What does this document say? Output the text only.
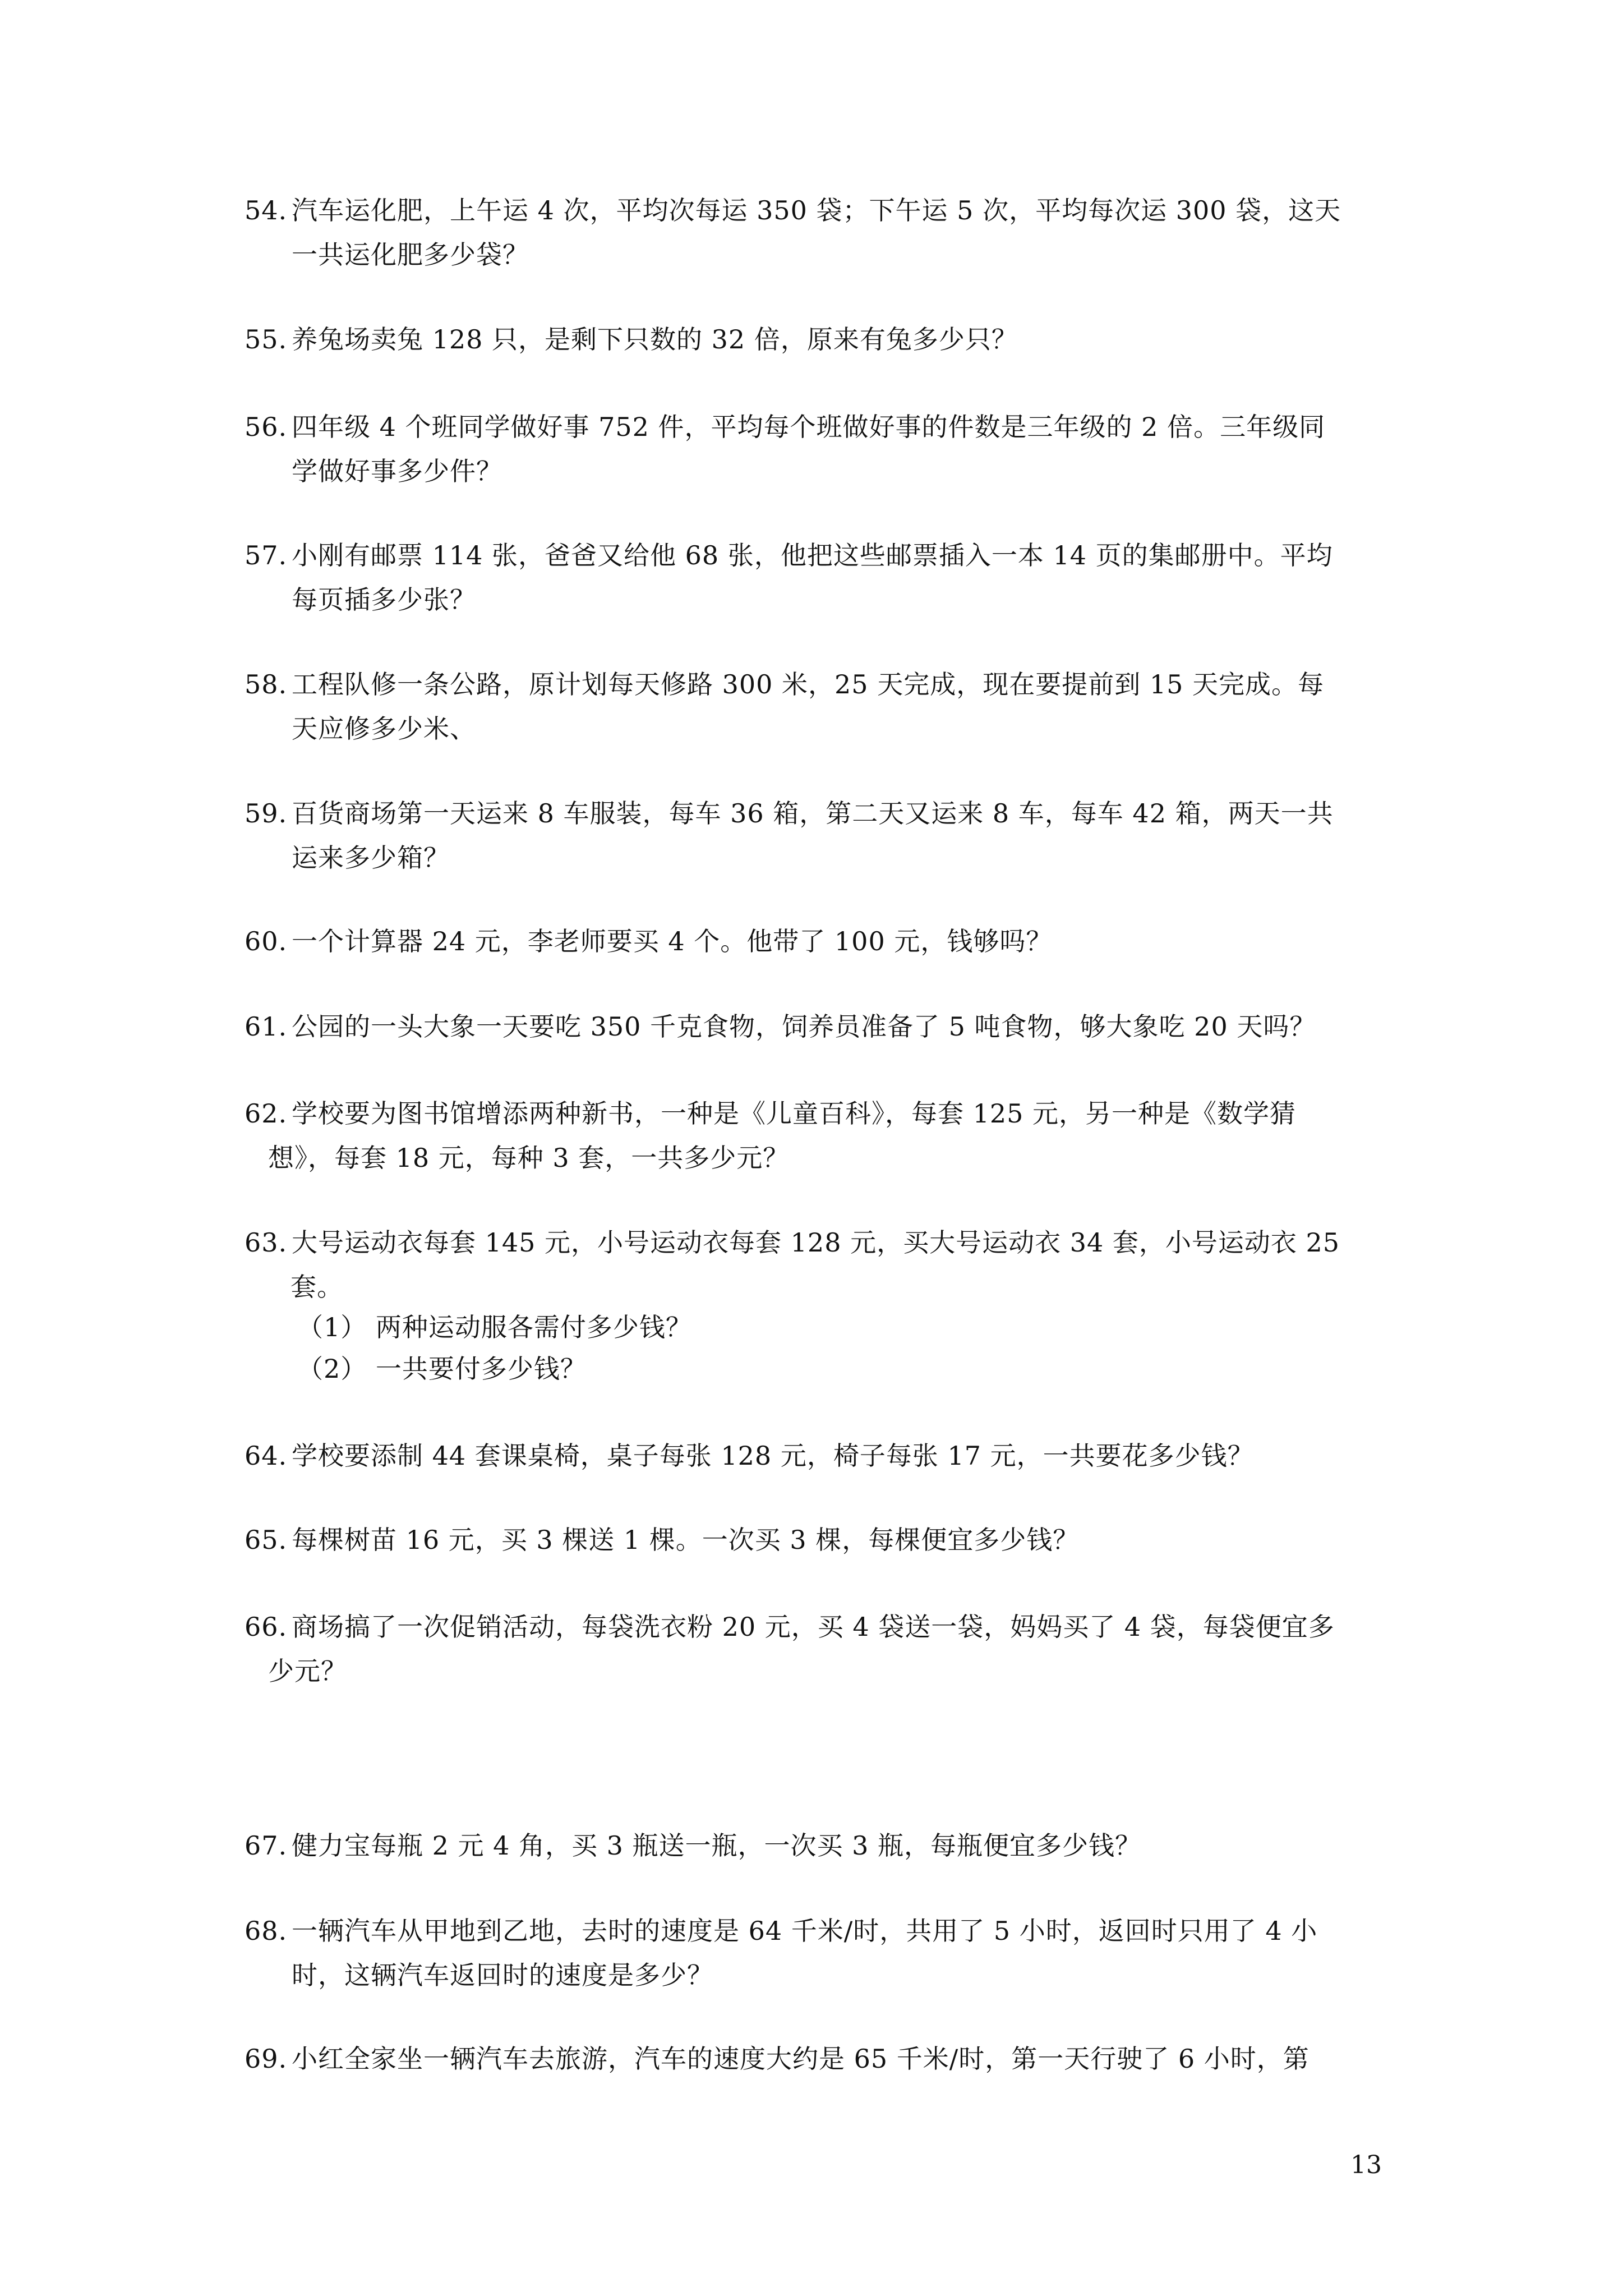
54. 汽车运化肥，上午运 4 次，平均次每运 350 袋；下午运 5 次，平均每次运 300 袋，这天
一共运化肥多少袋？
55. 养兔场卖兔 128 只，是剩下只数的 32 倍，原来有兔多少只？
56. 四年级 4 个班同学做好事 752 件，平均每个班做好事的件数是三年级的 2 倍。三年级同
学做好事多少件？
57. 小刚有邮票 114 张，爸爸又给他 68 张，他把这些邮票插入一本 14 页的集邮册中。平均
每页插多少张？
58. 工程队修一条公路，原计划每天修路 300 米，25 天完成，现在要提前到 15 天完成。每
天应修多少米、
59. 百货商场第一天运来 8 车服装，每车 36 箱，第二天又运来 8 车，每车 42 箱，两天一共
运来多少箱？
60. 一个计算器 24 元，李老师要买 4 个。他带了 100 元，钱够吗？
61. 公园的一头大象一天要吃 350 千克食物，饲养员准备了 5 吨食物，够大象吃 20 天吗？
62. 学校要为图书馆增添两种新书，一种是《儿童百科》，每套 125 元，另一种是《数学猜
想》，每套 18 元，每种 3 套，一共多少元？
63. 大号运动衣每套 145 元，小号运动衣每套 128 元，买大号运动衣 34 套，小号运动衣 25
套。
（1） 两种运动服各需付多少钱？
（2） 一共要付多少钱？
64. 学校要添制 44 套课桌椅，桌子每张 128 元，椅子每张 17 元，一共要花多少钱？
65. 每棵树苗 16 元，买 3 棵送 1 棵。一次买 3 棵，每棵便宜多少钱？
66. 商场搞了一次促销活动，每袋洗衣粉 20 元，买 4 袋送一袋，妈妈买了 4 袋，每袋便宜多
少元？
67. 健力宝每瓶 2 元 4 角，买 3 瓶送一瓶，一次买 3 瓶，每瓶便宜多少钱？
68. 一辆汽车从甲地到乙地，去时的速度是 64 千米/时，共用了 5 小时，返回时只用了 4 小
时，这辆汽车返回时的速度是多少？
69. 小红全家坐一辆汽车去旅游，汽车的速度大约是 65 千米/时，第一天行驶了 6 小时，第
13
